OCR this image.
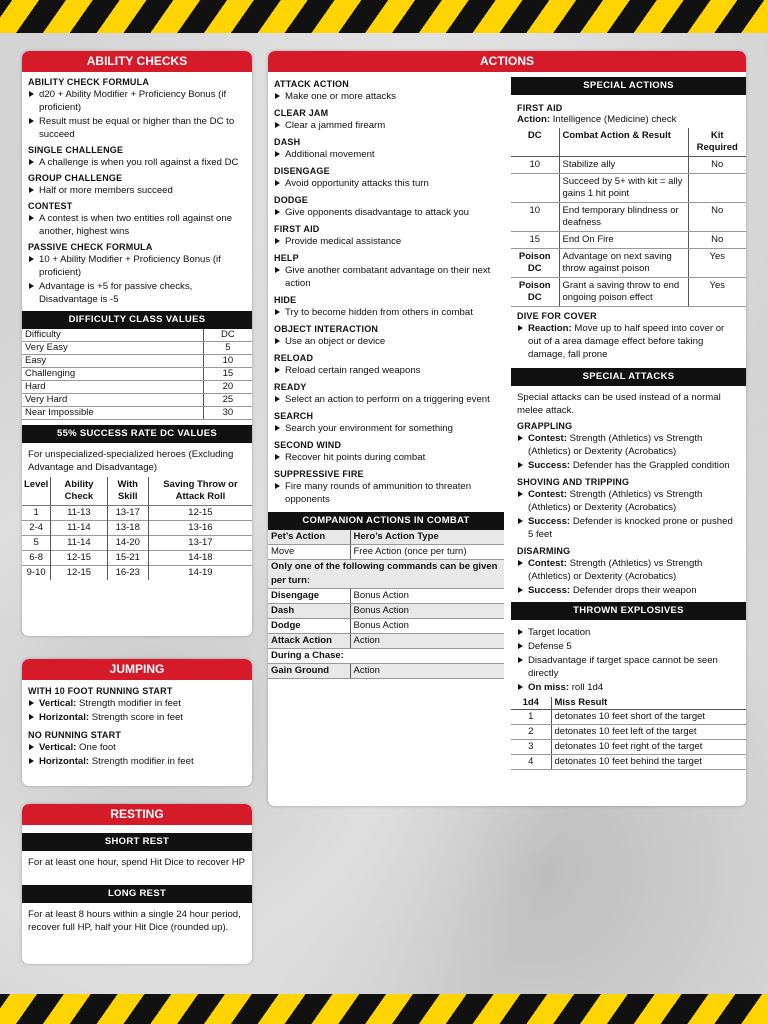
ABILITY CHECKS
ABILITY CHECK FORMULA
d20 + Ability Modifier + Proficiency Bonus (if proficient)
Result must be equal or higher than the DC to succeed
SINGLE CHALLENGE
A challenge is when you roll against a fixed DC
GROUP CHALLENGE
Half or more members succeed
CONTEST
A contest is when two entities roll against one another, highest wins
PASSIVE CHECK FORMULA
10 + Ability Modifier + Proficiency Bonus (if proficient)
Advantage is +5 for passive checks, Disadvantage is -5
DIFFICULTY CLASS VALUES
Difficulty	DC
Very Easy	5
Easy	10
Challenging	15
Hard	20
Very Hard	25
Near Impossible	30
55% SUCCESS RATE DC VALUES
For unspecialized-specialized heroes (Excluding Advantage and Disadvantage)
Level	Ability Check	With Skill	Saving Throw or Attack Roll
1	11-13	13-17	12-15
2-4	11-14	13-18	13-16
5	11-14	14-20	13-17
6-8	12-15	15-21	14-18
9-10	12-15	16-23	14-19
JUMPING
WITH 10 FOOT RUNNING START
Vertical: Strength modifier in feet
Horizontal: Strength score in feet
NO RUNNING START
Vertical: One foot
Horizontal: Strength modifier in feet
RESTING
SHORT REST
For at least one hour, spend Hit Dice to recover HP
LONG REST
For at least 8 hours within a single 24 hour period, recover full HP, half your Hit Dice (rounded up).
ACTIONS
ATTACK ACTION
Make one or more attacks
CLEAR JAM
Clear a jammed firearm
DASH
Additional movement
DISENGAGE
Avoid opportunity attacks this turn
DODGE
Give opponents disadvantage to attack you
FIRST AID
Provide medical assistance
HELP
Give another combatant advantage on their next action
HIDE
Try to become hidden from others in combat
OBJECT INTERACTION
Use an object or device
RELOAD
Reload certain ranged weapons
READY
Select an action to perform on a triggering event
SEARCH
Search your environment for something
SECOND WIND
Recover hit points during combat
SUPPRESSIVE FIRE
Fire many rounds of ammunition to threaten opponents
COMPANION ACTIONS IN COMBAT
Pet’s Action	Hero’s Action Type
Move	Free Action (once per turn)
Only one of the following commands can be given per turn:	
Disengage	Bonus Action
Dash	Bonus Action
Dodge	Bonus Action
Attack Action	Action
During a Chase:	
Gain Ground	Action
SPECIAL ACTIONS
FIRST AID
Action: Intelligence (Medicine) check
DC	Combat Action & Result	Kit Required
10	Stabilize ally	No
	Succeed by 5+ with kit = ally gains 1 hit point	
10	End temporary blindness or deafness	No
15	End On Fire	No
Poison DC	Advantage on next saving throw against poison	Yes
Poison DC	Grant a saving throw to end ongoing poison effect	Yes
DIVE FOR COVER
Reaction: Move up to half speed into cover or out of a area damage effect before taking damage, fall prone
SPECIAL ATTACKS
Special attacks can be used instead of a normal melee attack.
GRAPPLING
Contest: Strength (Athletics) vs Strength (Athletics) or Dexterity (Acrobatics)
Success: Defender has the Grappled condition
SHOVING AND TRIPPING
Contest: Strength (Athletics) vs Strength (Athletics) or Dexterity (Acrobatics)
Success: Defender is knocked prone or pushed 5 feet
DISARMING
Contest: Strength (Athletics) vs Strength (Athletics) or Dexterity (Acrobatics)
Success: Defender drops their weapon
THROWN EXPLOSIVES
Target location
Defense 5
Disadvantage if target space cannot be seen directly
On miss: roll 1d4
1d4	Miss Result
1	detonates 10 feet short of the target
2	detonates 10 feet left of the target
3	detonates 10 feet right of the target
4	detonates 10 feet behind the target
